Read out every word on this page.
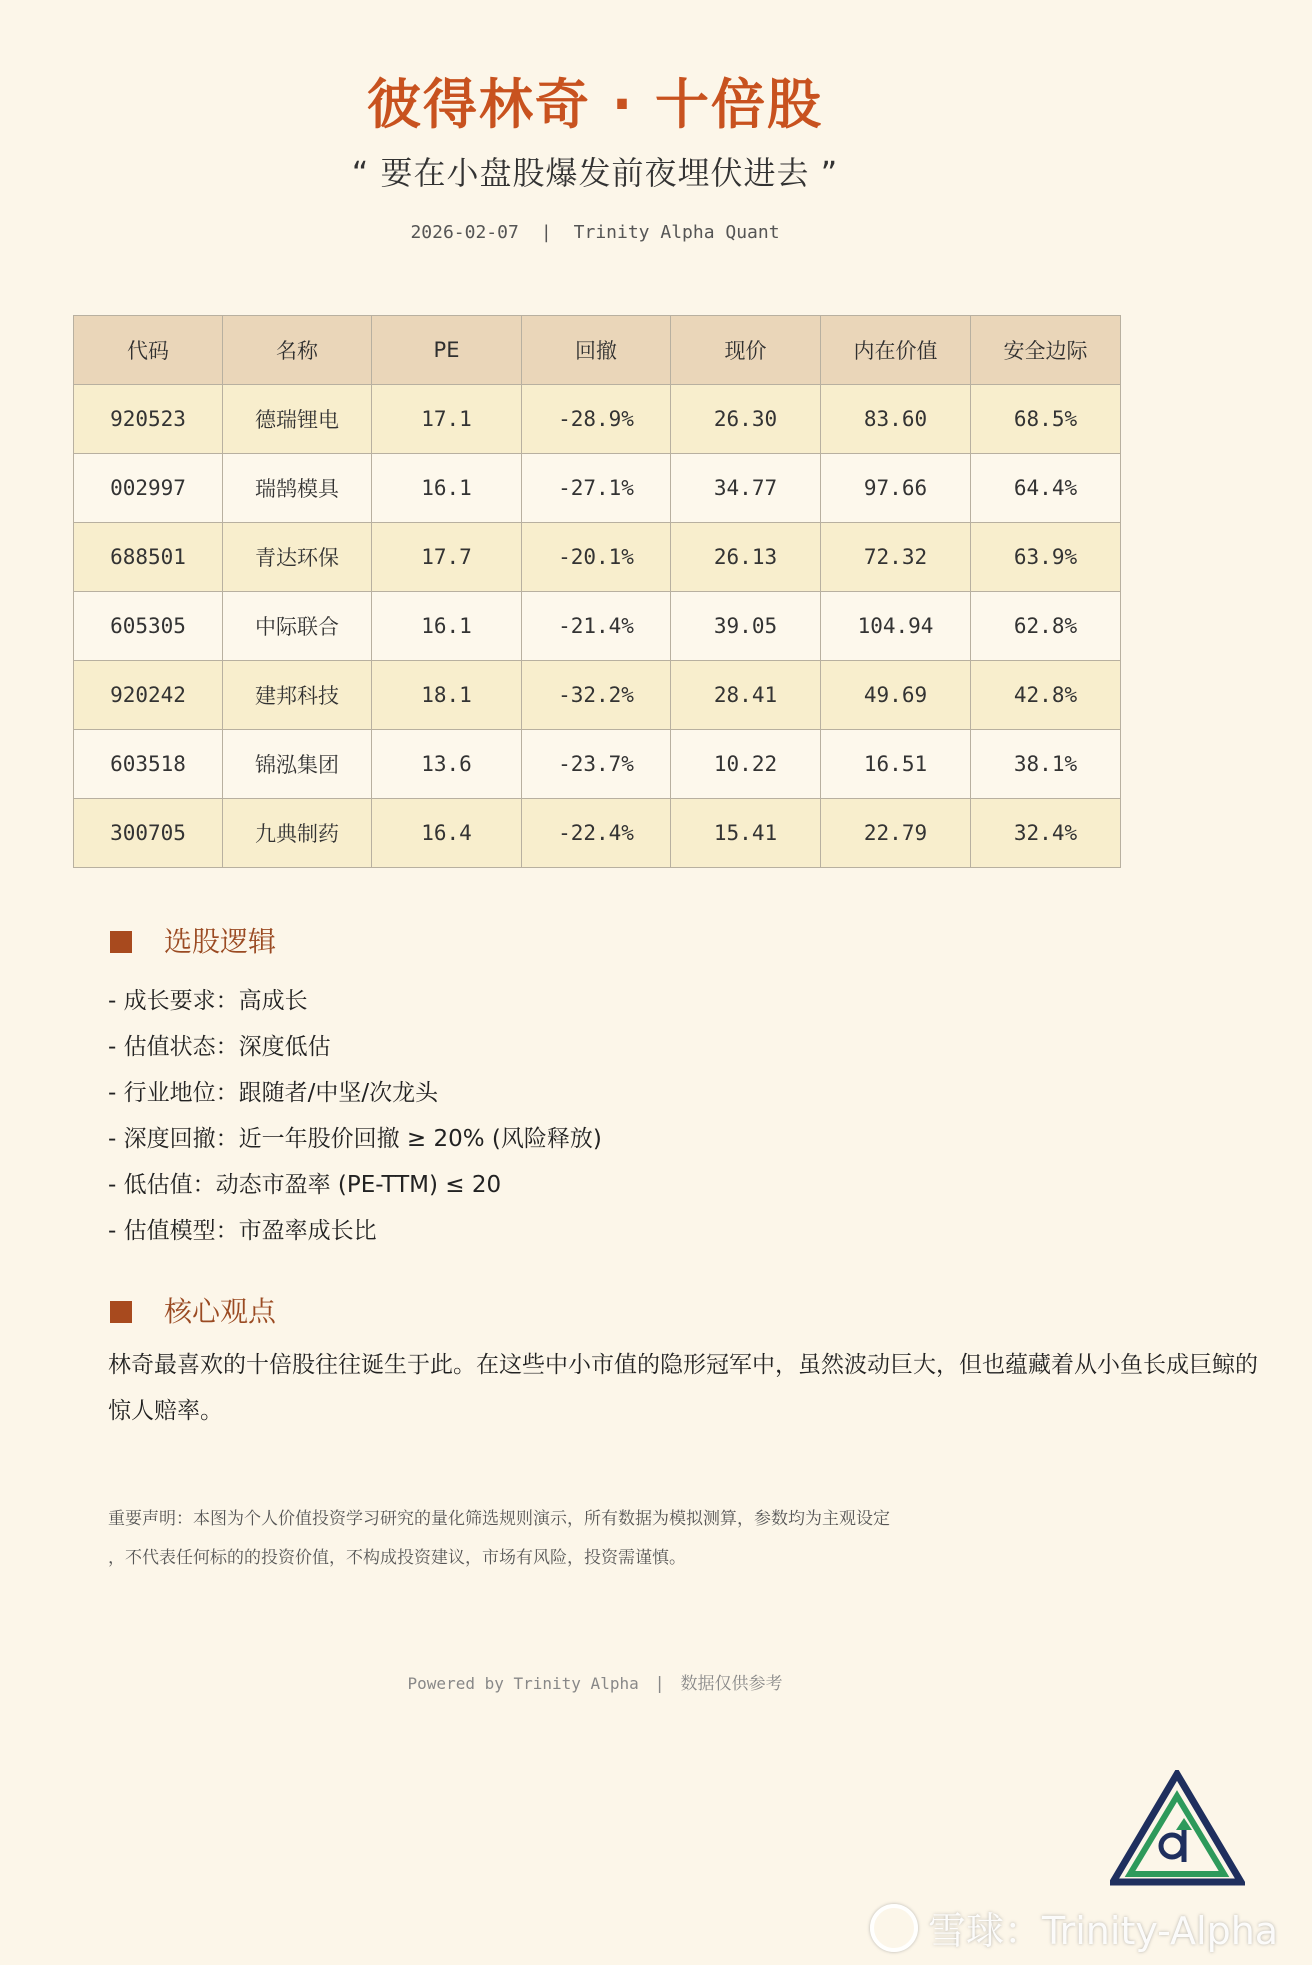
彼得林奇 · 十倍股
“ 要在小盘股爆发前夜埋伏进去 ”
2026-02-07 | Trinity Alpha Quant
代码	名称	PE	回撤	现价	内在价值	安全边际
920523	德瑞锂电	17.1	-28.9%	26.30	83.60	68.5%
002997	瑞鹄模具	16.1	-27.1%	34.77	97.66	64.4%
688501	青达环保	17.7	-20.1%	26.13	72.32	63.9%
605305	中际联合	16.1	-21.4%	39.05	104.94	62.8%
920242	建邦科技	18.1	-32.2%	28.41	49.69	42.8%
603518	锦泓集团	13.6	-23.7%	10.22	16.51	38.1%
300705	九典制药	16.4	-22.4%	15.41	22.79	32.4%
选股逻辑
- 成长要求：高成长
- 估值状态：深度低估
- 行业地位：跟随者/中坚/次龙头
- 深度回撤：近一年股价回撤 ≥ 20% (风险释放)
- 低估值：动态市盈率 (PE-TTM) ≤ 20
- 估值模型：市盈率成长比
核心观点
林奇最喜欢的十倍股往往诞生于此。在这些中小市值的隐形冠军中，虽然波动巨大，但也蕴藏着从小鱼长成巨鲸的惊人赔率。
重要声明：本图为个人价值投资学习研究的量化筛选规则演示，所有数据为模拟测算，参数均为主观设定
，不代表任何标的的投资价值，不构成投资建议，市场有风险，投资需谨慎。
Powered by Trinity Alpha | 数据仅供参考
雪球：Trinity-Alpha
